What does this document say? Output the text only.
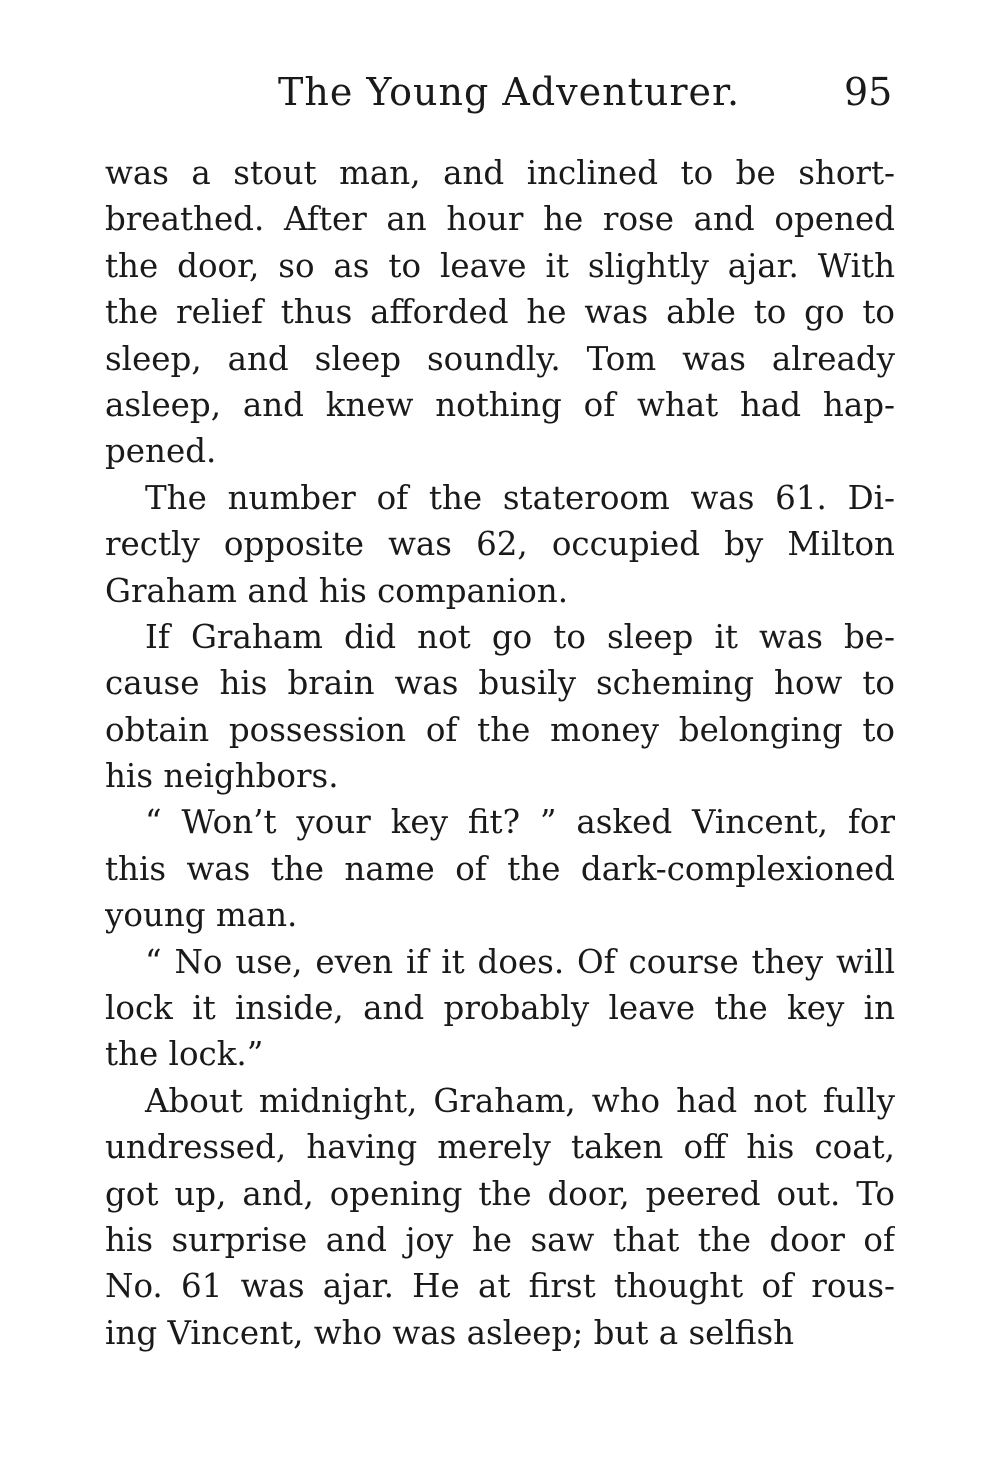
The Young Adventurer.	95
was a stout man, and inclined to be short-
breathed. After an hour he rose and opened
the door, so as to leave it slightly ajar. With
the relief thus afforded he was able to go to
sleep, and sleep soundly. Tom was already
asleep, and knew nothing of what had hap-
pened.
The number of the stateroom was 61. Di-
rectly opposite was 62, occupied by Milton
Graham and his companion.
If Graham did not go to sleep it was be-
cause his brain was busily scheming how to
obtain possession of the money belonging to
his neighbors.
“ Won’t your key fit? ” asked Vincent, for
this was the name of the dark-complexioned
young man.
“ No use, even if it does. Of course they will
lock it inside, and probably leave the key in
the lock.”
About midnight, Graham, who had not fully
undressed, having merely taken off his coat,
got up, and, opening the door, peered out. To
his surprise and joy he saw that the door of
No. 61 was ajar. He at first thought of rous-
ing Vincent, who was asleep; but a selfish
